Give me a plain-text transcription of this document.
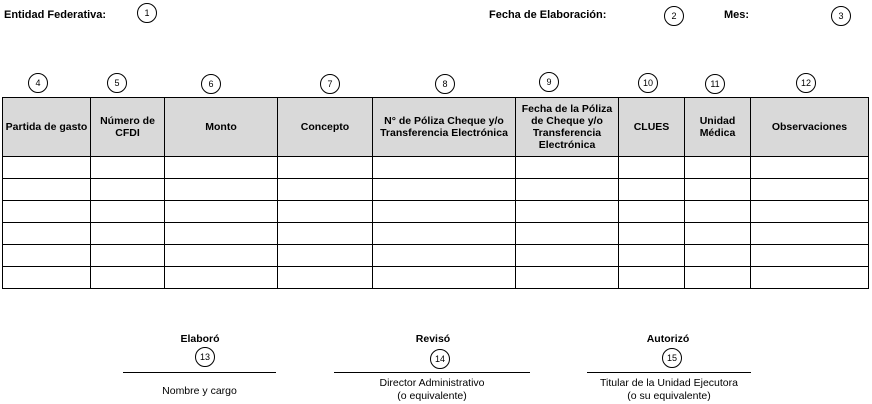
Entidad Federativa:	1	Fecha de Elaboración:	2	Mes:	3
4	5	6	7	8	9	10	11	12
Partida de gasto	Número de CFDI	Monto	Concepto	N° de Póliza Cheque y/o Transferencia Electrónica	Fecha de la Póliza de Cheque y/o Transferencia Electrónica	CLUES	Unidad Médica	Observaciones

Elaboró
13
Nombre y cargo
Revisó
14
Director Administrativo
(o equivalente)
Autorizó
15
Titular de la Unidad Ejecutora
(o su equivalente)
